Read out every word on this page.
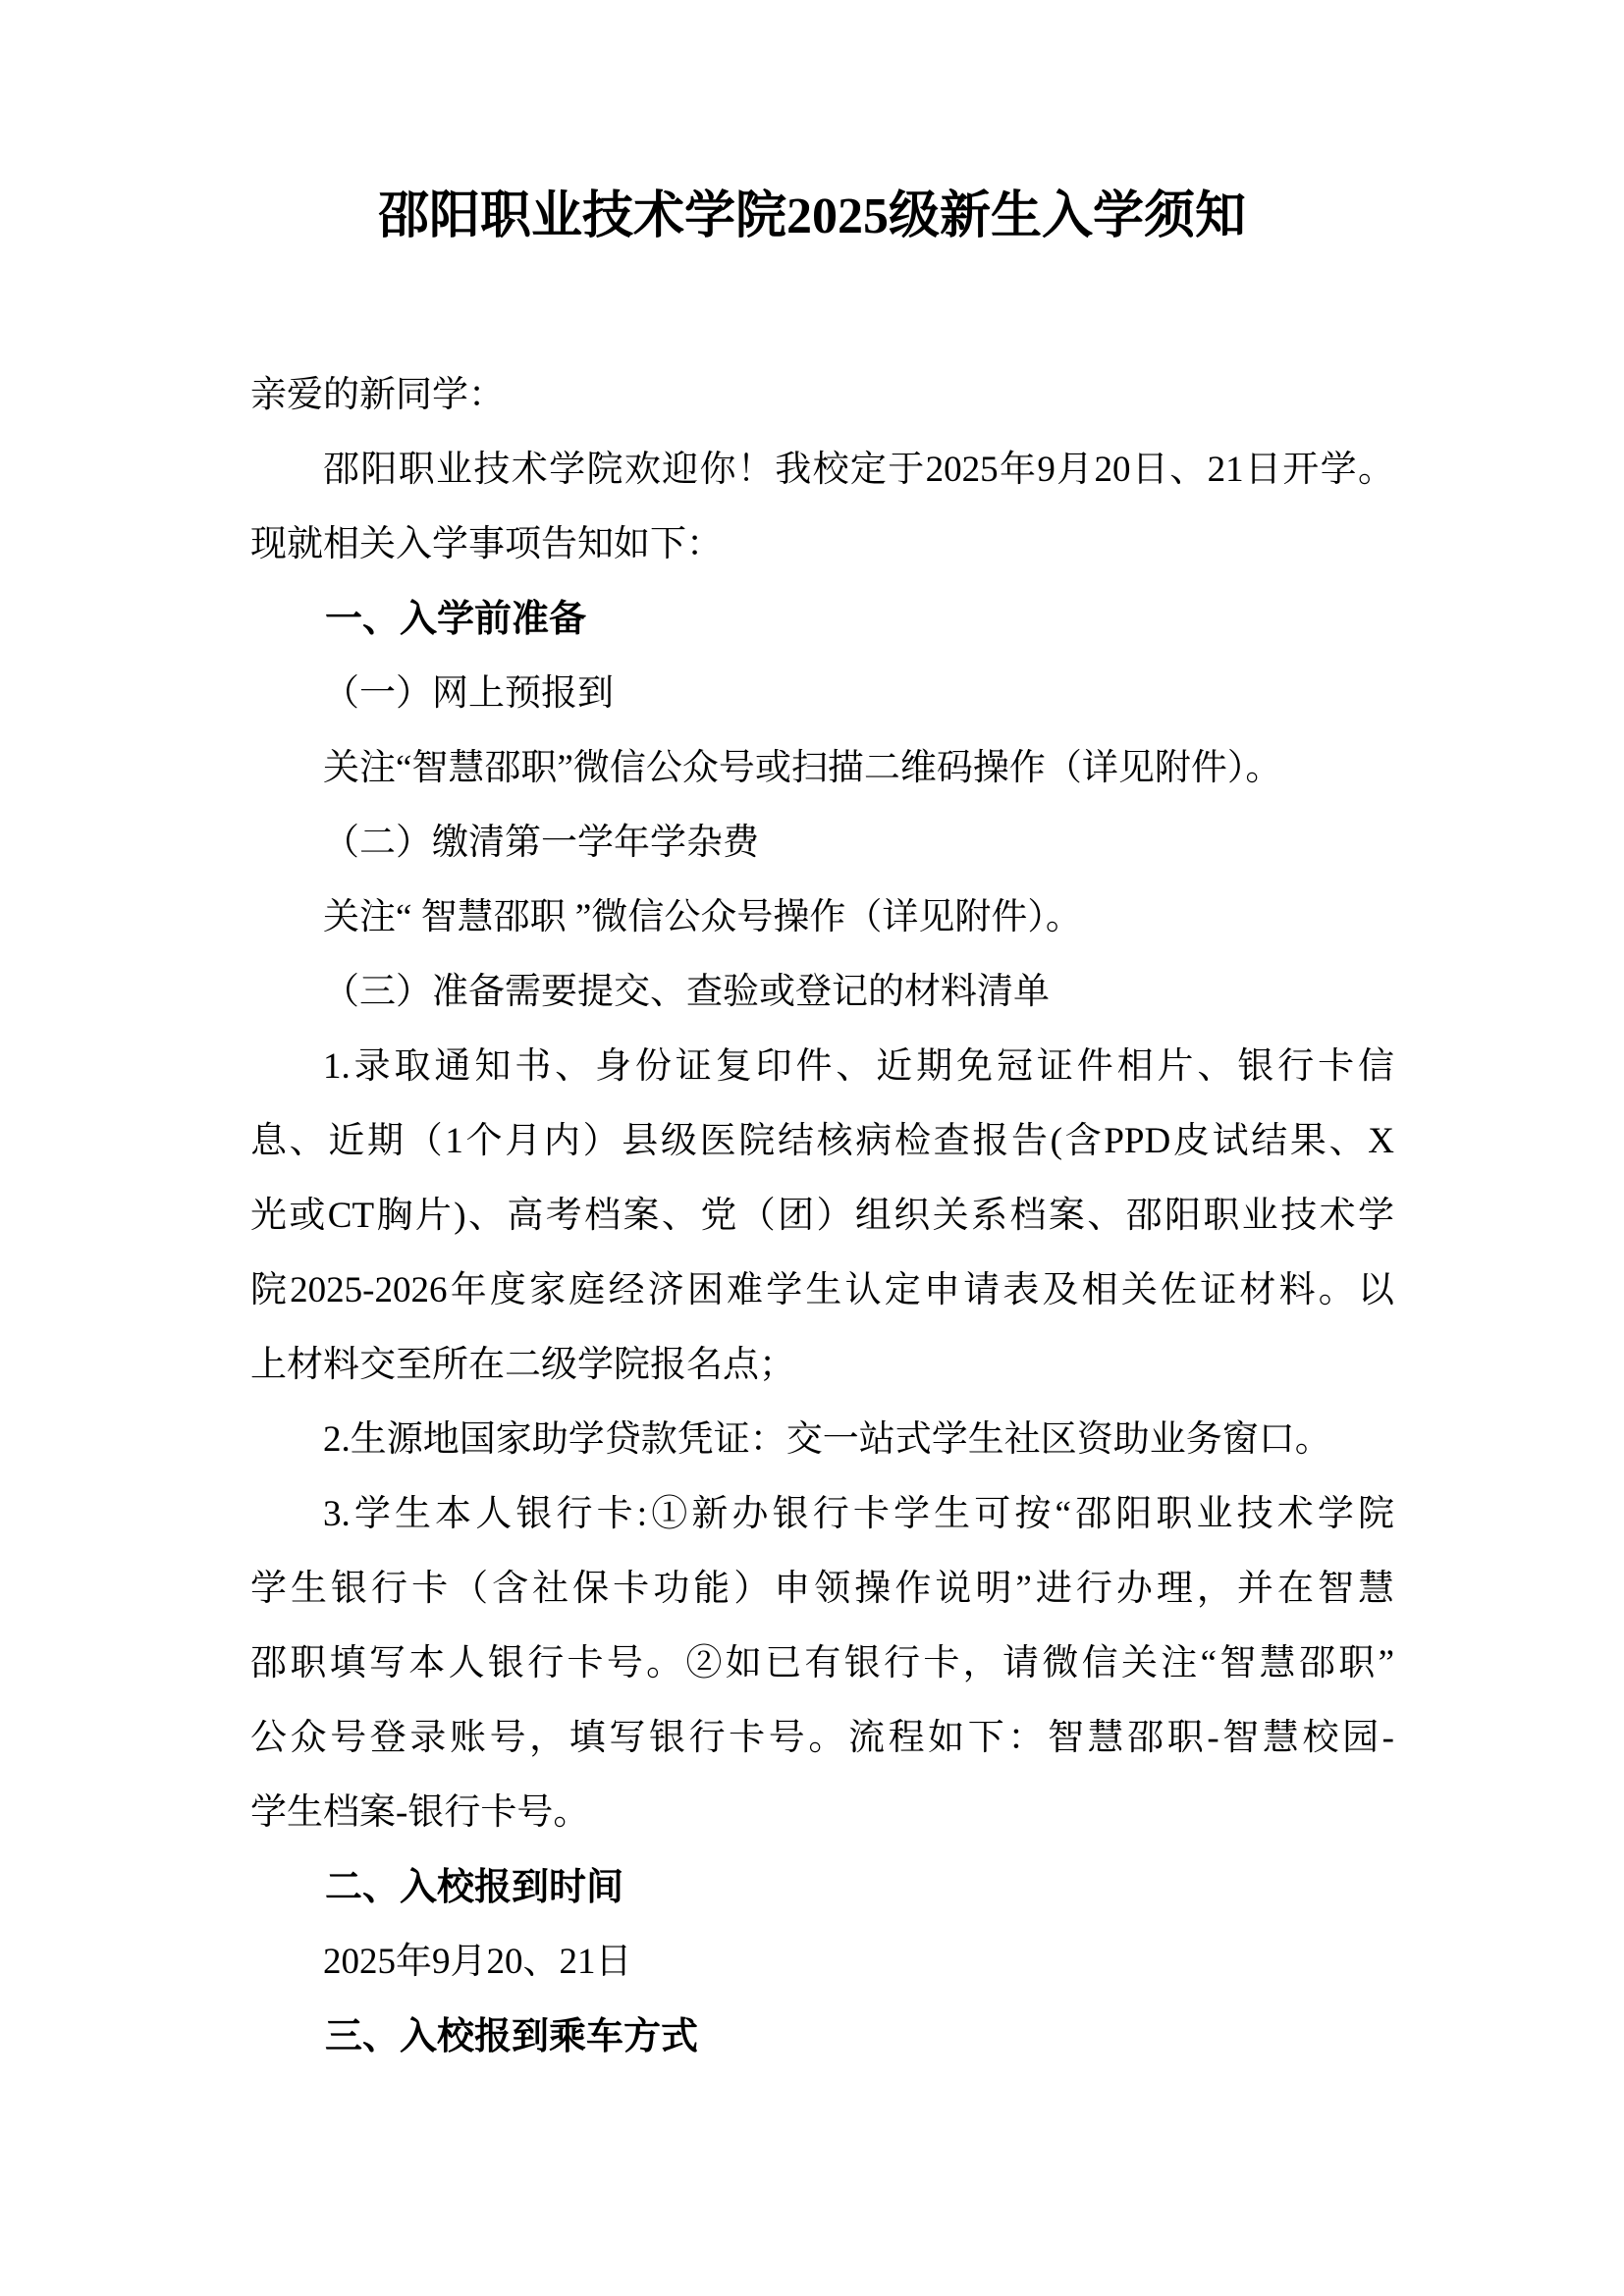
邵阳职业技术学院2025级新生入学须知
亲爱的新同学：
邵阳职业技术学院欢迎你！我校定于2025年9月20日、21日开学。
现就相关入学事项告知如下：
一、入学前准备
（一）网上预报到
关注“智慧邵职”微信公众号或扫描二维码操作（详见附件）。
（二）缴清第一学年学杂费
关注“ 智慧邵职 ”微信公众号操作（详见附件）。
（三）准备需要提交、查验或登记的材料清单
1.录取通知书、身份证复印件、近期免冠证件相片、银行卡信
息、近期（1个月内）县级医院结核病检查报告(含PPD皮试结果、X
光或CT胸片)、高考档案、党（团）组织关系档案、邵阳职业技术学
院2025-2026年度家庭经济困难学生认定申请表及相关佐证材料。以
上材料交至所在二级学院报名点；
2.生源地国家助学贷款凭证：交一站式学生社区资助业务窗口。
3.学生本人银行卡:①新办银行卡学生可按“邵阳职业技术学院
学生银行卡（含社保卡功能）申领操作说明”进行办理，并在智慧
邵职填写本人银行卡号。②如已有银行卡，请微信关注“智慧邵职”
公众号登录账号，填写银行卡号。流程如下：智慧邵职-智慧校园-
学生档案-银行卡号。
二、入校报到时间
2025年9月20、21日
三、入校报到乘车方式
